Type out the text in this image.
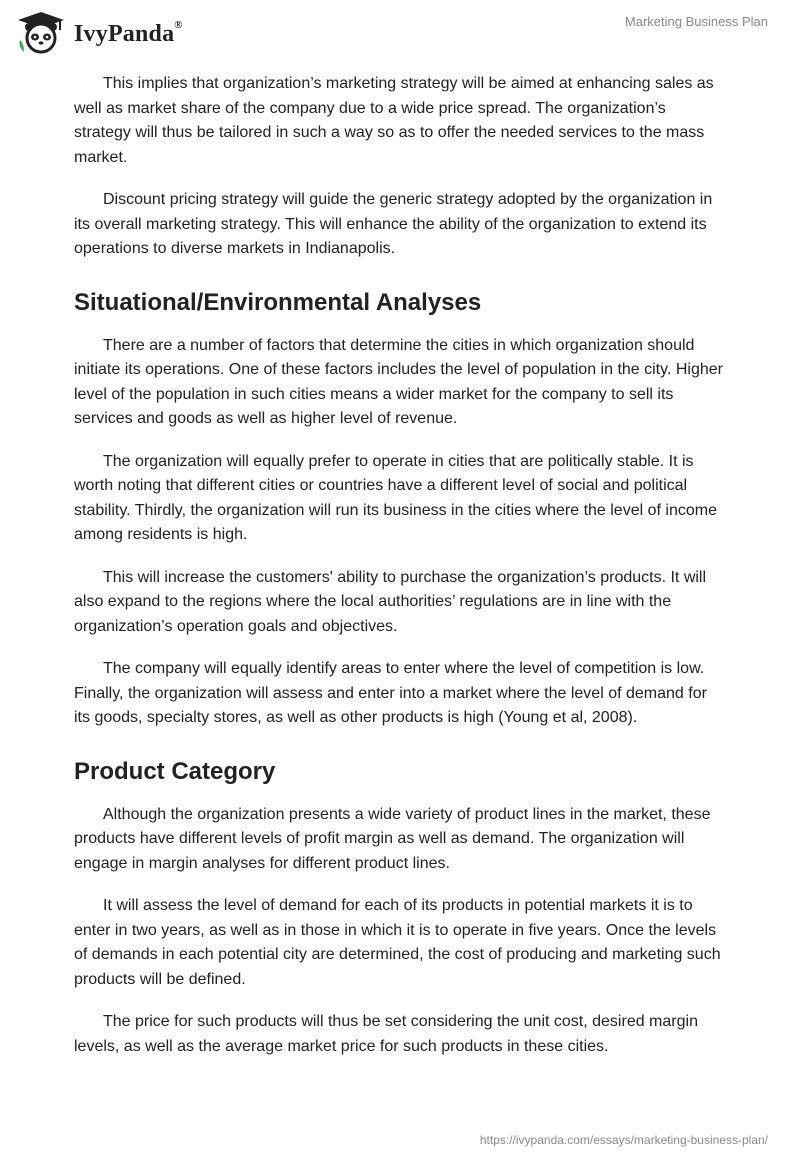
IvyPanda®	Marketing Business Plan

This implies that organization’s marketing strategy will be aimed at enhancing sales as well as market share of the company due to a wide price spread. The organization’s strategy will thus be tailored in such a way so as to offer the needed services to the mass market.

Discount pricing strategy will guide the generic strategy adopted by the organization in its overall marketing strategy. This will enhance the ability of the organization to extend its operations to diverse markets in Indianapolis.

Situational/Environmental Analyses

There are a number of factors that determine the cities in which organization should initiate its operations. One of these factors includes the level of population in the city. Higher level of the population in such cities means a wider market for the company to sell its services and goods as well as higher level of revenue.

The organization will equally prefer to operate in cities that are politically stable. It is worth noting that different cities or countries have a different level of social and political stability. Thirdly, the organization will run its business in the cities where the level of income among residents is high.

This will increase the customers' ability to purchase the organization’s products. It will also expand to the regions where the local authorities’ regulations are in line with the organization’s operation goals and objectives.

The company will equally identify areas to enter where the level of competition is low. Finally, the organization will assess and enter into a market where the level of demand for its goods, specialty stores, as well as other products is high (Young et al, 2008).

Product Category

Although the organization presents a wide variety of product lines in the market, these products have different levels of profit margin as well as demand. The organization will engage in margin analyses for different product lines.

It will assess the level of demand for each of its products in potential markets it is to enter in two years, as well as in those in which it is to operate in five years. Once the levels of demands in each potential city are determined, the cost of producing and marketing such products will be defined.

The price for such products will thus be set considering the unit cost, desired margin levels, as well as the average market price for such products in these cities.

https://ivypanda.com/essays/marketing-business-plan/
